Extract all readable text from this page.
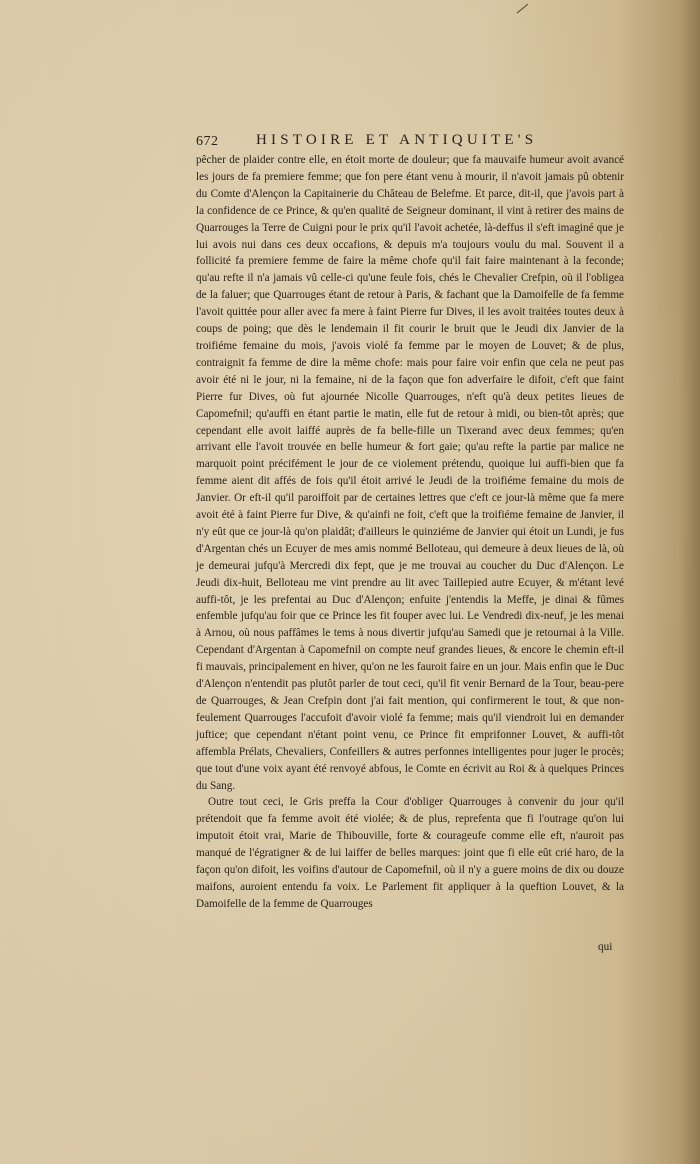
672	HISTOIRE ET ANTIQUITE'S

pêcher de plaider contre elle, en étoit morte de douleur; que fa mauvaife humeur avoit avancé les jours de fa premiere femme; que fon pere étant venu à mourir, il n'avoit jamais pû obtenir du Comte d'Alençon la Capitainerie du Château de Belefme. Et parce, dit-il, que j'avois part à la confidence de ce Prince, & qu'en qualité de Seigneur dominant, il vint à retirer des mains de Quarrouges la Terre de Cuigni pour le prix qu'il l'avoit achetée, là-deffus il s'eft imaginé que je lui avois nui dans ces deux occafions, & depuis m'a toujours voulu du mal. Souvent il a follicité fa premiere femme de faire la même chofe qu'il fait faire maintenant à la feconde; qu'au refte il n'a jamais vû celle-ci qu'une feule fois, chés le Chevalier Crefpin, où il l'obligea de la faluer; que Quarrouges étant de retour à Paris, & fachant que la Damoifelle de fa femme l'avoit quittée pour aller avec fa mere à faint Pierre fur Dives, il les avoit traitées toutes deux à coups de poing; que dès le lendemain il fit courir le bruit que le Jeudi dix Janvier de la troifiéme femaine du mois, j'avois violé fa femme par le moyen de Louvet; & de plus, contraignit fa femme de dire la même chofe: mais pour faire voir enfin que cela ne peut pas avoir été ni le jour, ni la femaine, ni de la façon que fon adverfaire le difoit, c'eft que faint Pierre fur Dives, où fut ajournée Nicolle Quarrouges, n'eft qu'à deux petites lieues de Capomefnil; qu'auffi en étant partie le matin, elle fut de retour à midi, ou bien-tôt après; que cependant elle avoit laiffé auprès de fa belle-fille un Tixerand avec deux femmes; qu'en arrivant elle l'avoit trouvée en belle humeur & fort gaie; qu'au refte la partie par malice ne marquoit point précifément le jour de ce violement prétendu, quoique lui auffi-bien que fa femme aient dit affés de fois qu'il étoit arrivé le Jeudi de la troifiéme femaine du mois de Janvier. Or eft-il qu'il paroiffoit par de certaines lettres que c'eft ce jour-là même que fa mere avoit été à faint Pierre fur Dive, & qu'ainfi ne foit, c'eft que la troifiéme femaine de Janvier, il n'y eût que ce jour-là qu'on plaidât; d'ailleurs le quinziéme de Janvier qui étoit un Lundi, je fus d'Argentan chés un Ecuyer de mes amis nommé Belloteau, qui demeure à deux lieues de là, où je demeurai jufqu'à Mercredi dix fept, que je me trouvai au coucher du Duc d'Alençon. Le Jeudi dix-huit, Belloteau me vint prendre au lit avec Taillepied autre Ecuyer, & m'étant levé auffi-tôt, je les prefentai au Duc d'Alençon; enfuite j'entendis la Meffe, je dinai & fûmes enfemble jufqu'au foir que ce Prince les fit fouper avec lui. Le Vendredi dix-neuf, je les menai à Arnou, où nous paffâmes le tems à nous divertir jufqu'au Samedi que je retournai à la Ville. Cependant d'Argentan à Capomefnil on compte neuf grandes lieues, & encore le chemin eft-il fi mauvais, principalement en hiver, qu'on ne les fauroit faire en un jour. Mais enfin que le Duc d'Alençon n'entendit pas plutôt parler de tout ceci, qu'il fit venir Bernard de la Tour, beau-pere de Quarrouges, & Jean Crefpin dont j'ai fait mention, qui confirmerent le tout, & que non-feulement Quarrouges l'accufoit d'avoir violé fa femme; mais qu'il viendroit lui en demander juftice; que cependant n'étant point venu, ce Prince fit emprifonner Louvet, & auffi-tôt affembla Prélats, Chevaliers, Confeillers & autres perfonnes intelligentes pour juger le procès; que tout d'une voix ayant été renvoyé abfous, le Comte en écrivit au Roi & à quelques Princes du Sang.

Outre tout ceci, le Gris preffa la Cour d'obliger Quarrouges à convenir du jour qu'il prétendoit que fa femme avoit été violée; & de plus, reprefenta que fi l'outrage qu'on lui imputoit étoit vrai, Marie de Thibouville, forte & courageufe comme elle eft, n'auroit pas manqué de l'égratigner & de lui laiffer de belles marques: joint que fi elle eût crié haro, de la façon qu'on difoit, les voifins d'autour de Capomefnil, où il n'y a guere moins de dix ou douze maifons, auroient entendu fa voix. Le Parlement fit appliquer à la queftion Louvet, & la Damoifelle de la femme de Quarrouges

qui
